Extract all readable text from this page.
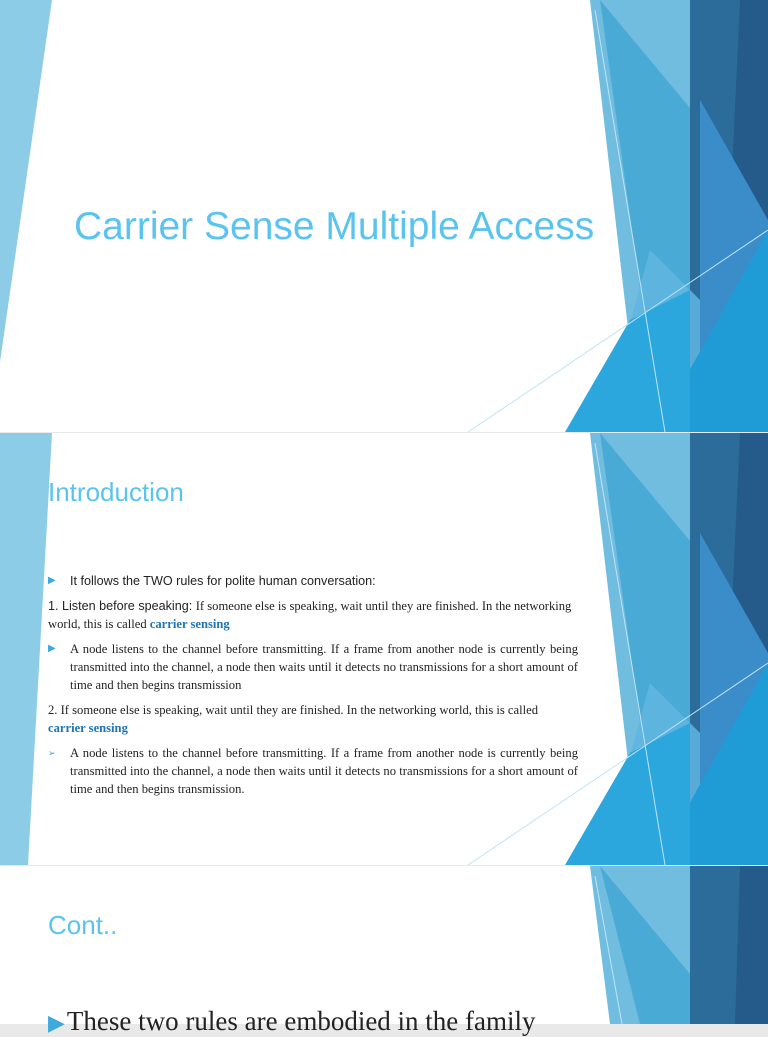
Carrier Sense Multiple Access
Introduction
▶ It follows the TWO rules for polite human conversation:
1. Listen before speaking: If someone else is speaking, wait until they are finished. In the networking world, this is called carrier sensing
▶ A node listens to the channel before transmitting. If a frame from another node is currently being transmitted into the channel, a node then waits until it detects no transmissions for a short amount of time and then begins transmission
2. If someone else is speaking, wait until they are finished. In the networking world, this is called carrier sensing
➢ A node listens to the channel before transmitting. If a frame from another node is currently being transmitted into the channel, a node then waits until it detects no transmissions for a short amount of time and then begins transmission.
Cont..
▶These two rules are embodied in the family
